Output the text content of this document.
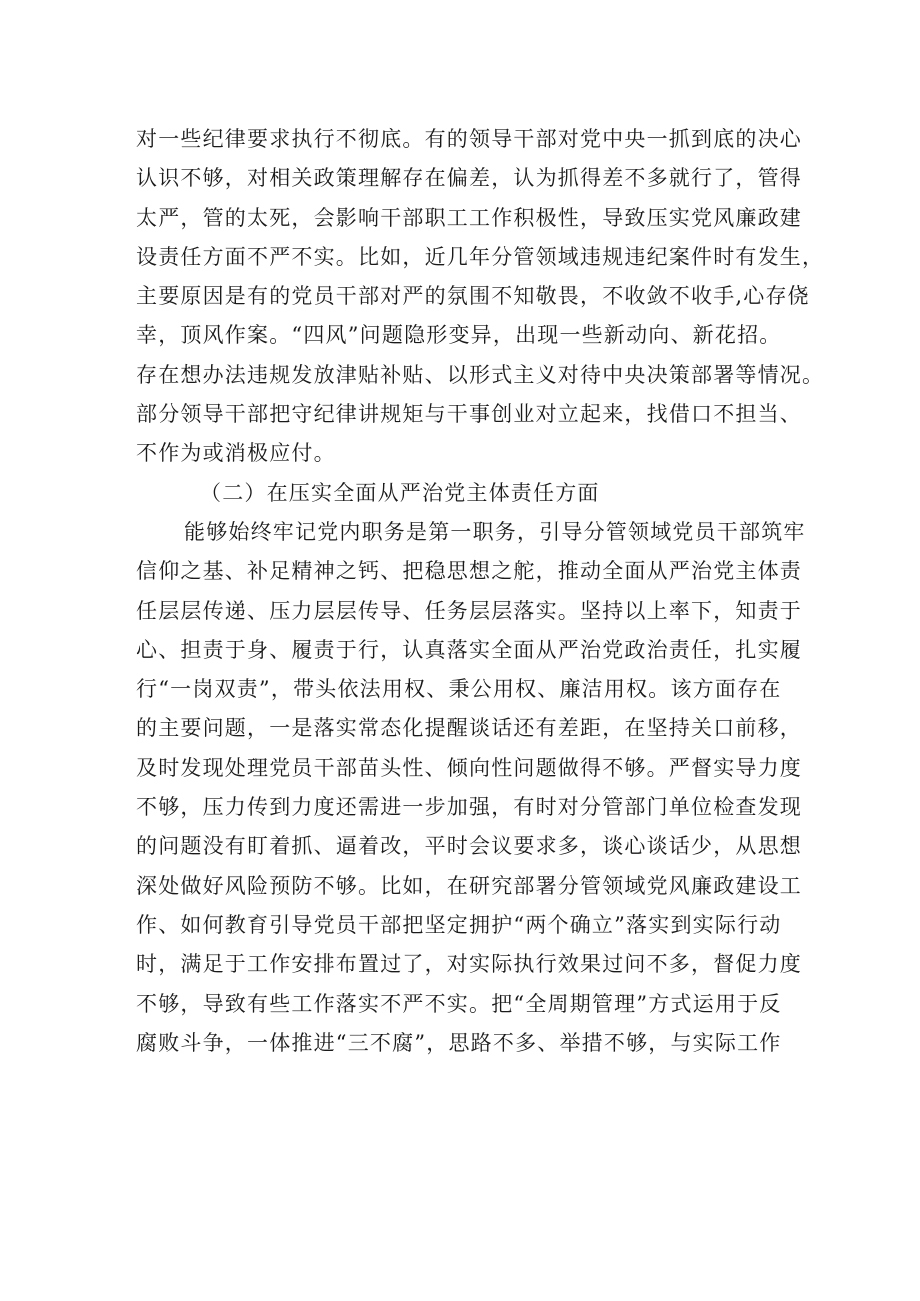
对一些纪律要求执行不彻底。有的领导干部对党中央一抓到底的决心
认识不够，对相关政策理解存在偏差，认为抓得差不多就行了，管得
太严，管的太死，会影响干部职工工作积极性，导致压实党风廉政建
设责任方面不严不实。比如，近几年分管领域违规违纪案件时有发生，
主要原因是有的党员干部对严的氛围不知敬畏，不收敛不收手,心存侥
幸，顶风作案。“四风”问题隐形变异，出现一些新动向、新花招。
存在想办法违规发放津贴补贴、以形式主义对待中央决策部署等情况。
部分领导干部把守纪律讲规矩与干事创业对立起来，找借口不担当、
不作为或消极应付。
（二）在压实全面从严治党主体责任方面
能够始终牢记党内职务是第一职务，引导分管领域党员干部筑牢
信仰之基、补足精神之钙、把稳思想之舵，推动全面从严治党主体责
任层层传递、压力层层传导、任务层层落实。坚持以上率下，知责于
心、担责于身、履责于行，认真落实全面从严治党政治责任，扎实履
行“一岗双责”，带头依法用权、秉公用权、廉洁用权。该方面存在
的主要问题，一是落实常态化提醒谈话还有差距，在坚持关口前移，
及时发现处理党员干部苗头性、倾向性问题做得不够。严督实导力度
不够，压力传到力度还需进一步加强，有时对分管部门单位检查发现
的问题没有盯着抓、逼着改，平时会议要求多，谈心谈话少，从思想
深处做好风险预防不够。比如，在研究部署分管领域党风廉政建设工
作、如何教育引导党员干部把坚定拥护“两个确立”落实到实际行动
时，满足于工作安排布置过了，对实际执行效果过问不多，督促力度
不够，导致有些工作落实不严不实。把“全周期管理”方式运用于反
腐败斗争，一体推进“三不腐”，思路不多、举措不够，与实际工作
